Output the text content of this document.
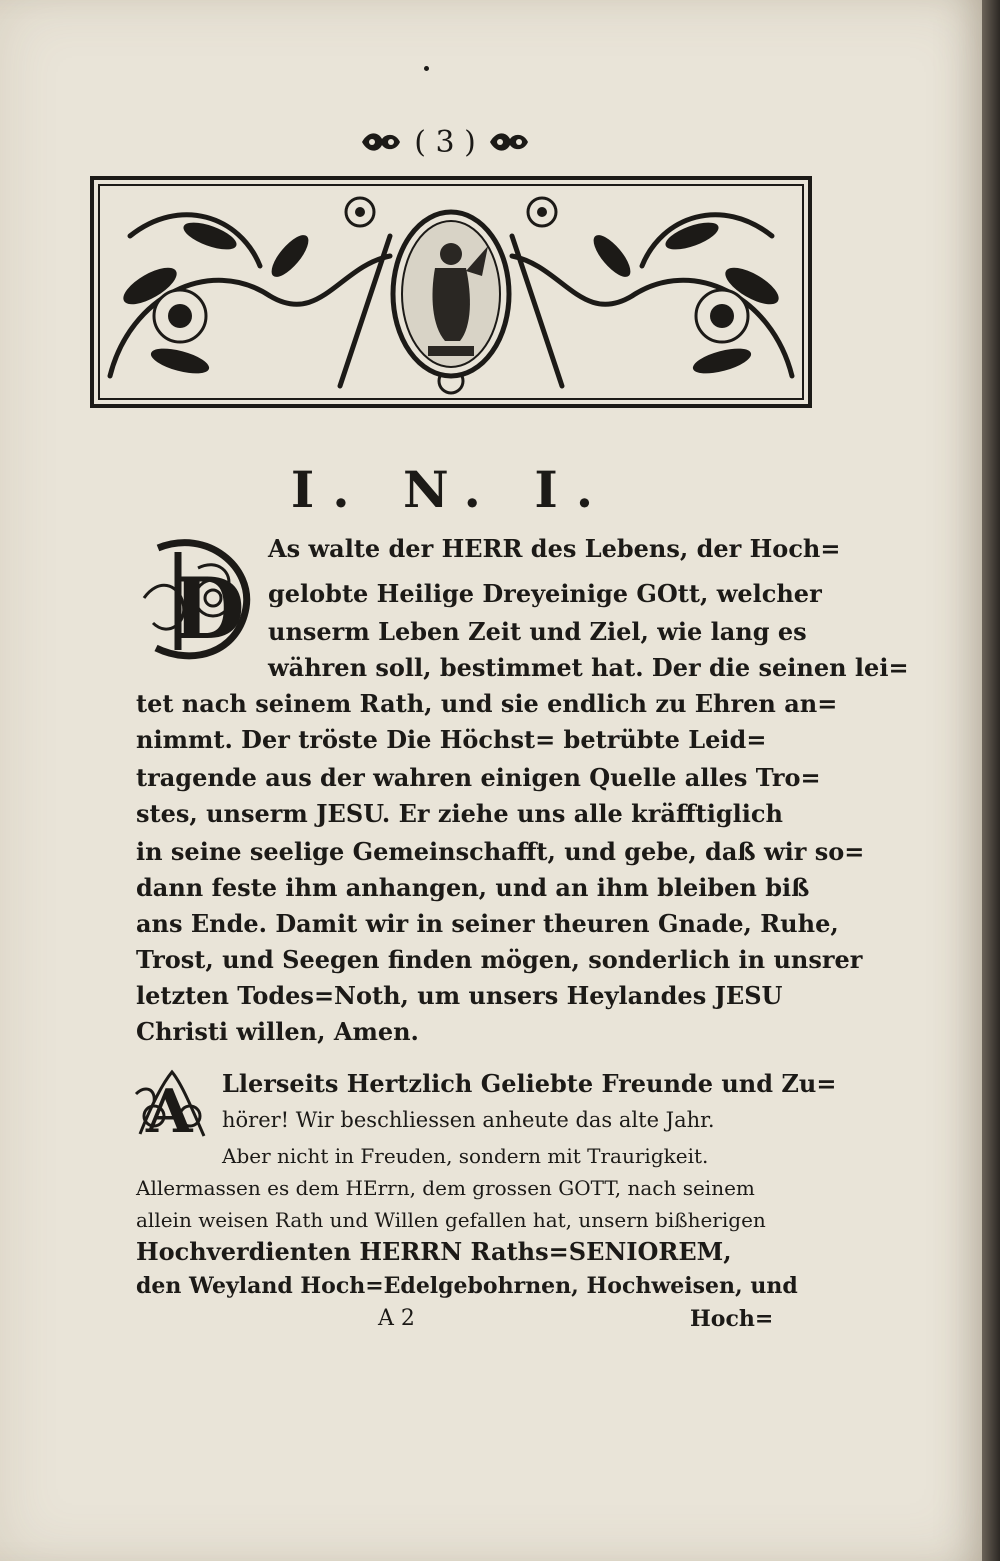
( 3 )
I. N. I.
D
As walte der HERR des Lebens, der Hoch=
gelobte Heilige Dreyeinige GOtt, welcher
unserm Leben Zeit und Ziel, wie lang es
währen soll, bestimmet hat. Der die seinen lei=
tet nach seinem Rath, und sie endlich zu Ehren an=
nimmt. Der tröste Die Höchst= betrübte Leid=
tragende aus der wahren einigen Quelle alles Tro=
stes, unserm JESU. Er ziehe uns alle kräfftiglich
in seine seelige Gemeinschafft, und gebe, daß wir so=
dann feste ihm anhangen, und an ihm bleiben biß
ans Ende. Damit wir in seiner theuren Gnade, Ruhe,
Trost, und Seegen finden mögen, sonderlich in unsrer
letzten Todes=Noth, um unsers Heylandes JESU
Christi willen, Amen.
A Llerseits Hertzlich Geliebte Freunde und Zu=
hörer! Wir beschliessen anheute das alte Jahr.
Aber nicht in Freuden, sondern mit Traurigkeit.
Allermassen es dem HErrn, dem grossen GOTT, nach seinem
allein weisen Rath und Willen gefallen hat, unsern bißherigen
Hochverdienten HERRN Raths=SENIOREM,
den Weyland Hoch=Edelgebohrnen, Hochweisen, und
A 2	Hoch=
